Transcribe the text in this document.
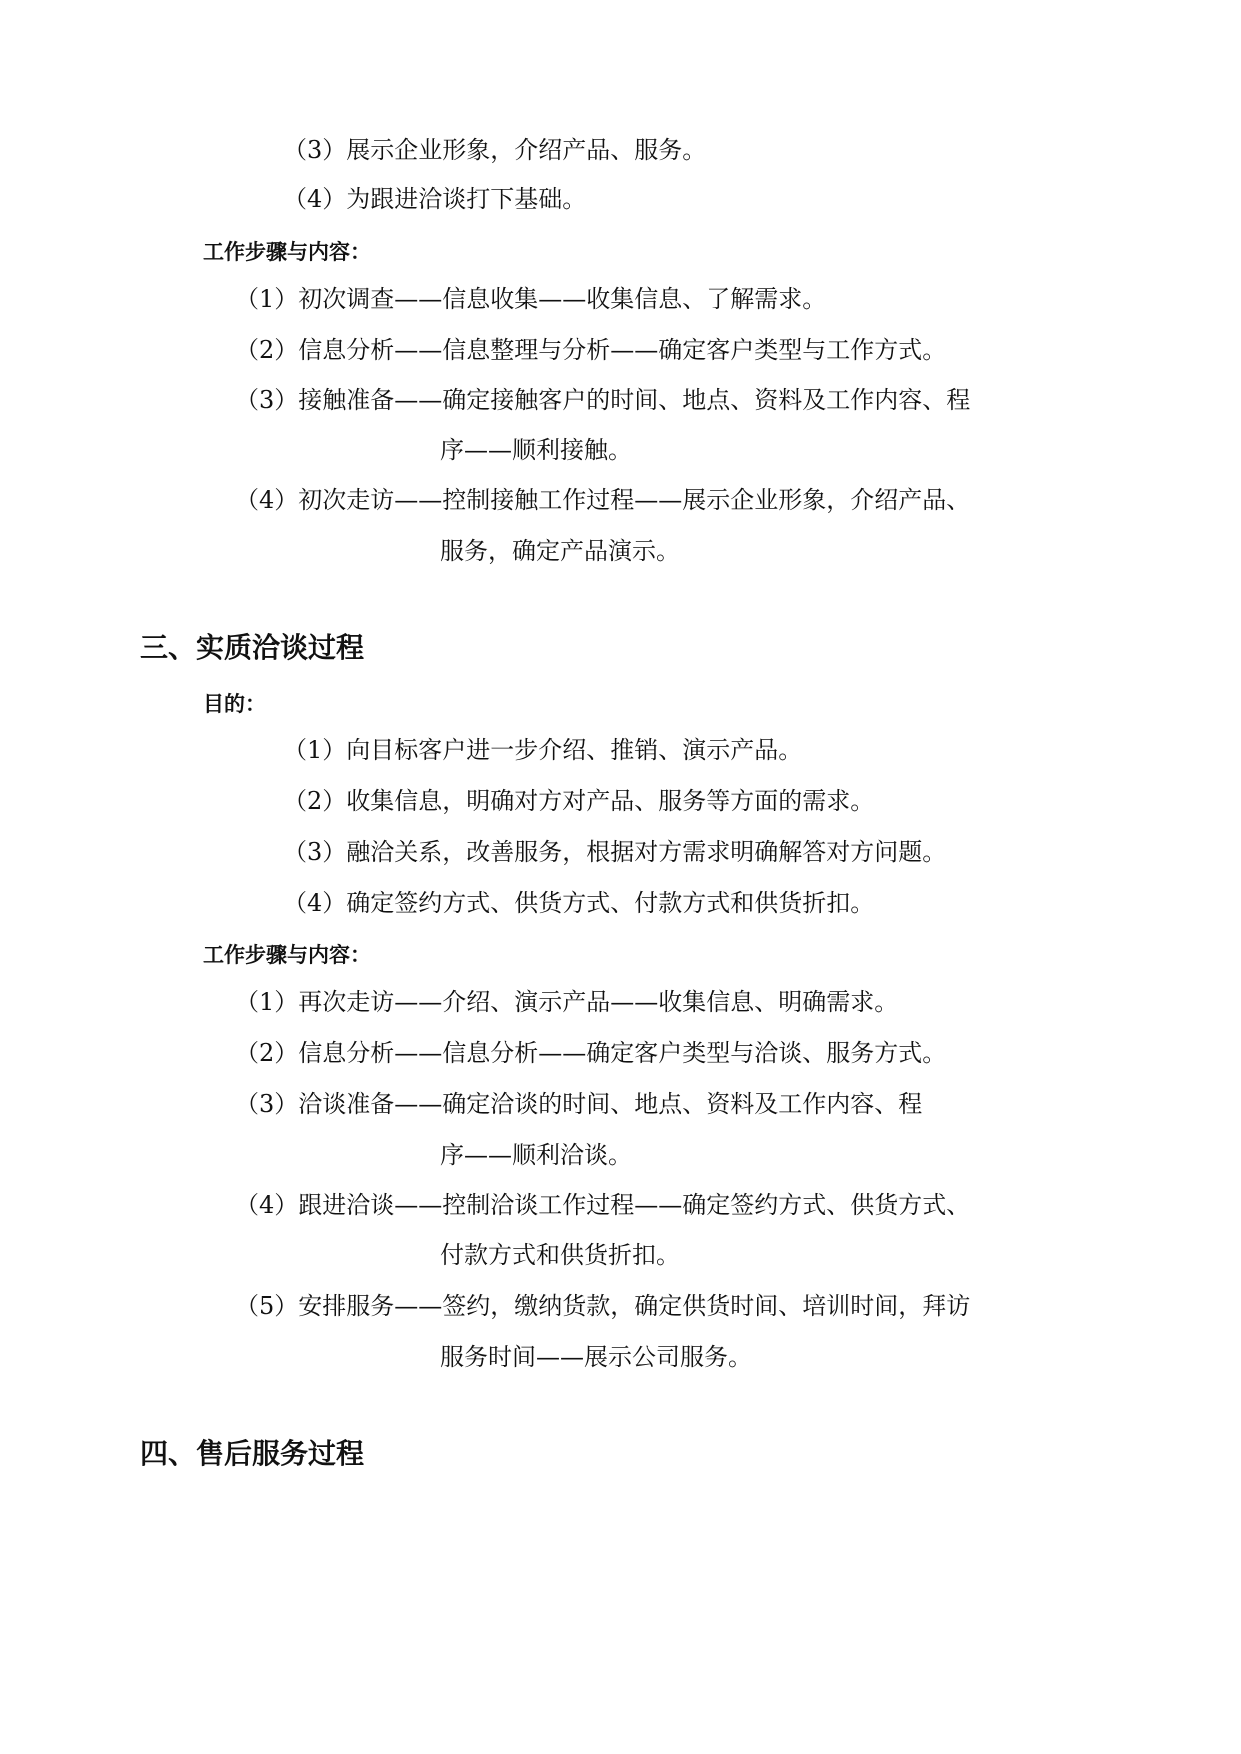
（3）展示企业形象，介绍产品、服务。
（4）为跟进洽谈打下基础。
工作步骤与内容：
（1）初次调查——信息收集——收集信息、了解需求。
（2）信息分析——信息整理与分析——确定客户类型与工作方式。
（3）接触准备——确定接触客户的时间、地点、资料及工作内容、程
序——顺利接触。
（4）初次走访——控制接触工作过程——展示企业形象，介绍产品、
服务，确定产品演示。
三、实质洽谈过程
目的：
（1）向目标客户进一步介绍、推销、演示产品。
（2）收集信息，明确对方对产品、服务等方面的需求。
（3）融洽关系，改善服务，根据对方需求明确解答对方问题。
（4）确定签约方式、供货方式、付款方式和供货折扣。
工作步骤与内容：
（1）再次走访——介绍、演示产品——收集信息、明确需求。
（2）信息分析——信息分析——确定客户类型与洽谈、服务方式。
（3）洽谈准备——确定洽谈的时间、地点、资料及工作内容、程
序——顺利洽谈。
（4）跟进洽谈——控制洽谈工作过程——确定签约方式、供货方式、
付款方式和供货折扣。
（5）安排服务——签约，缴纳货款，确定供货时间、培训时间，拜访
服务时间——展示公司服务。
四、售后服务过程
